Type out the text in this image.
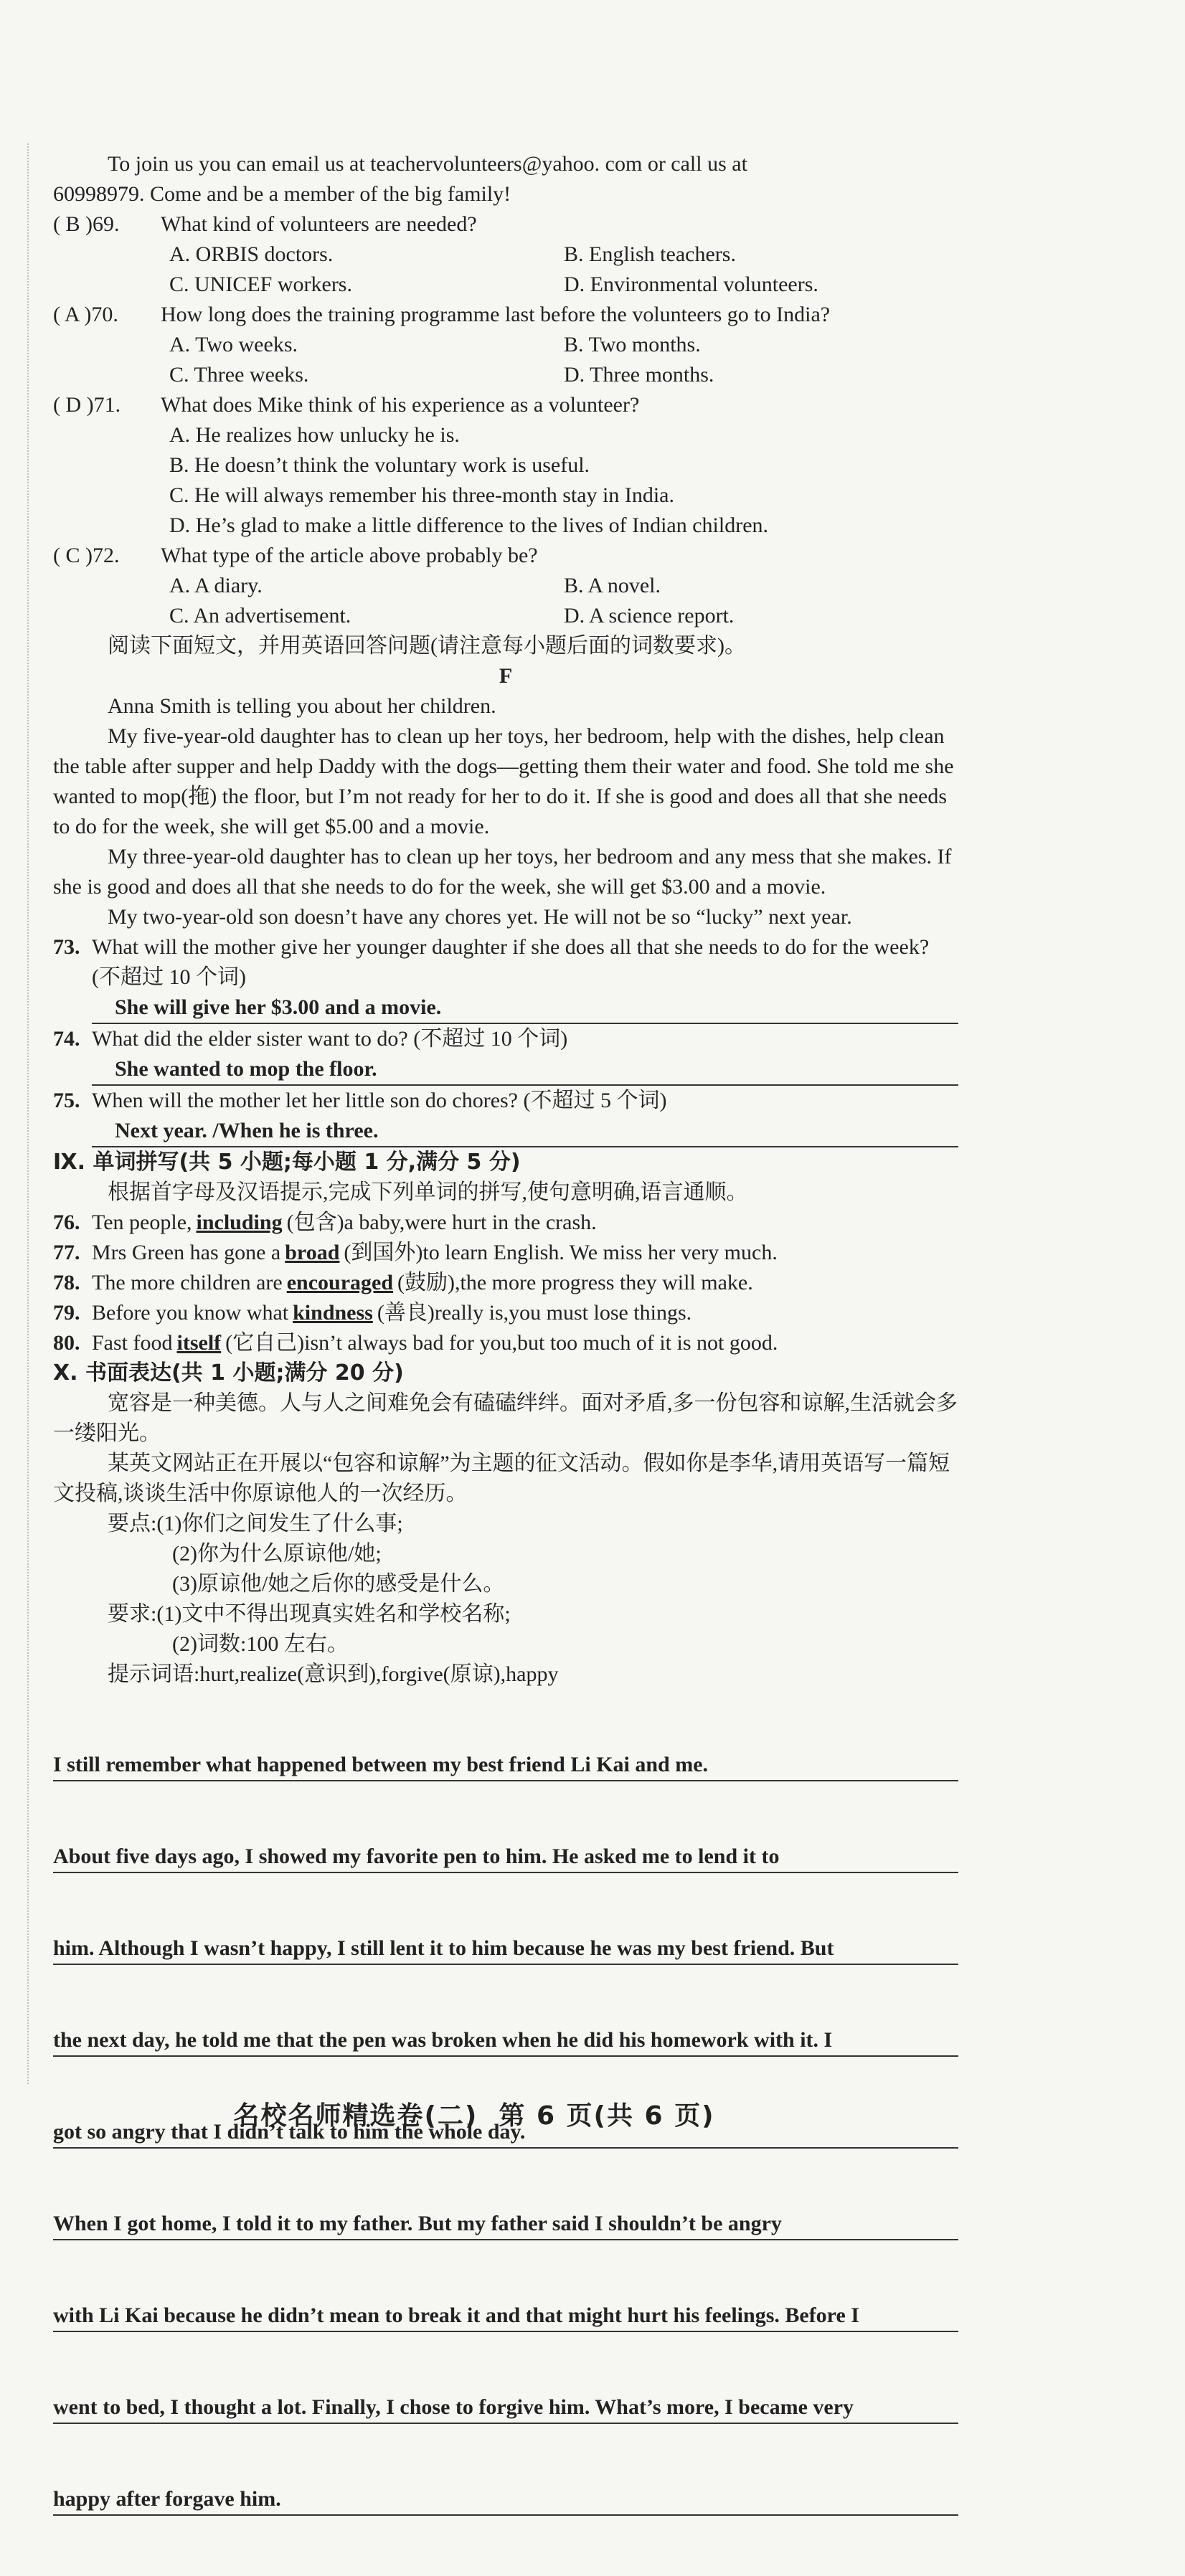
To join us you can email us at teachervolunteers@yahoo. com or call us at

60998979. Come and be a member of the big family!

( B )69.	What kind of volunteers are needed?
A. ORBIS doctors.	B. English teachers.
C. UNICEF workers.	D. Environmental volunteers.
( A )70.	How long does the training programme last before the volunteers go to India?
A. Two weeks.	B. Two months.
C. Three weeks.	D. Three months.
( D )71.	What does Mike think of his experience as a volunteer?
A. He realizes how unlucky he is.
B. He doesn’t think the voluntary work is useful.
C. He will always remember his three-month stay in India.
D. He’s glad to make a little difference to the lives of Indian children.
( C )72.	What type of the article above probably be?
A. A diary.	B. A novel.
C. An advertisement.	D. A science report.

阅读下面短文，并用英语回答问题(请注意每小题后面的词数要求)。

F

Anna Smith is telling you about her children.

My five-year-old daughter has to clean up her toys, her bedroom, help with the dishes, help clean the table after supper and help Daddy with the dogs—getting them their water and food. She told me she wanted to mop(拖) the floor, but I’m not ready for her to do it. If she is good and does all that she needs to do for the week, she will get $5.00 and a movie.

My three-year-old daughter has to clean up her toys, her bedroom and any mess that she makes. If she is good and does all that she needs to do for the week, she will get $3.00 and a movie.

My two-year-old son doesn’t have any chores yet. He will not be so “lucky” next year.

73. What will the mother give her younger daughter if she does all that she needs to do for the week? (不超过 10 个词)
She will give her $3.00 and a movie.
74. What did the elder sister want to do? (不超过 10 个词)
She wanted to mop the floor.
75. When will the mother let her little son do chores? (不超过 5 个词)
Next year. /When he is three.

Ⅸ. 单词拼写(共 5 小题;每小题 1 分,满分 5 分)

根据首字母及汉语提示,完成下列单词的拼写,使句意明确,语言通顺。

76. Ten people, including (包含)a baby,were hurt in the crash.
77. Mrs Green has gone a broad (到国外)to learn English. We miss her very much.
78. The more children are encouraged (鼓励),the more progress they will make.
79. Before you know what kindness (善良)really is,you must lose things.
80. Fast food itself (它自己)isn’t always bad for you,but too much of it is not good.

Ⅹ. 书面表达(共 1 小题;满分 20 分)

宽容是一种美德。人与人之间难免会有磕磕绊绊。面对矛盾,多一份包容和谅解,生活就会多一缕阳光。

某英文网站正在开展以“包容和谅解”为主题的征文活动。假如你是李华,请用英语写一篇短文投稿,谈谈生活中你原谅他人的一次经历。

要点:(1)你们之间发生了什么事;
(2)你为什么原谅他/她;
(3)原谅他/她之后你的感受是什么。
要求:(1)文中不得出现真实姓名和学校名称;
(2)词数:100 左右。
提示词语:hurt,realize(意识到),forgive(原谅),happy

I still remember what happened between my best friend Li Kai and me.

About five days ago, I showed my favorite pen to him. He asked me to lend it to

him. Although I wasn’t happy, I still lent it to him because he was my best friend. But

the next day, he told me that the pen was broken when he did his homework with it. I

got so angry that I didn’t talk to him the whole day.

When I got home, I told it to my father. But my father said I shouldn’t be angry

with Li Kai because he didn’t mean to break it and that might hurt his feelings. Before I

went to bed, I thought a lot. Finally, I chose to forgive him. What’s more, I became very

happy after forgave him.

名校名师精选卷(二)  第 6 页(共 6 页)
